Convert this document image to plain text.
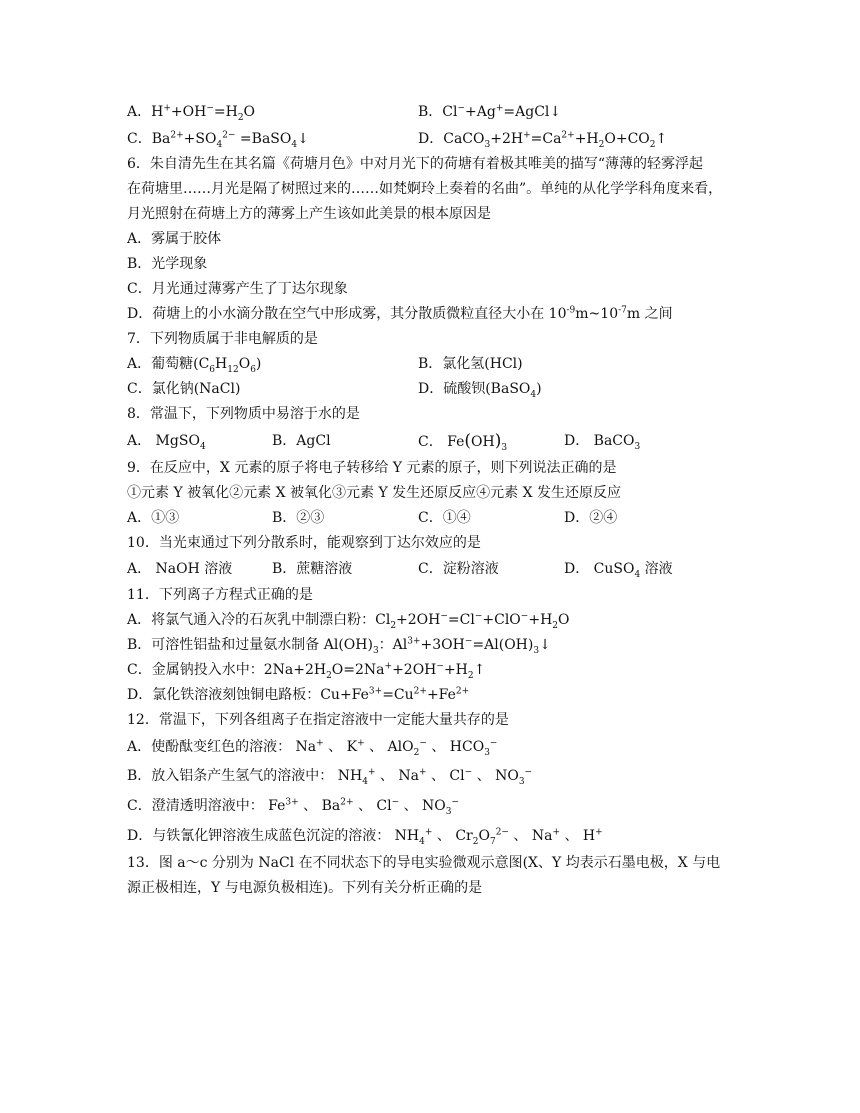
A．$H^++OH^-=H_2O$	B．Cl−+Ag+=AgCl↓
C．$Ba^{2+}+SO_4^{2-}$ =BaSO$_4$↓	D．$CaCO_3+2H^+=Ca^{2+}+H_2O+CO_2↑$
6．朱自清先生在其名篇《荷塘月色》中对月光下的荷塘有着极其唯美的描写“薄薄的轻雾浮起
在荷塘里……月光是隔了树照过来的……如梵婀玲上奏着的名曲”。单纯的从化学学科角度来看，
月光照射在荷塘上方的薄雾上产生该如此美景的根本原因是
A．雾属于胶体
B．光学现象
C．月光通过薄雾产生了丁达尔现象
D．荷塘上的小水滴分散在空气中形成雾，其分散质微粒直径大小在 $10^{-9}m\sim 10^{-7}m$ 之间
7．下列物质属于非电解质的是
A．葡萄糖$(C_6H_{12}O_6)$	B．氯化氢(HCl)
C．氯化钠(NaCl)	D．硫酸钡(BaSO$_4$)
8．常温下，下列物质中易溶于水的是
A． MgSO$_4$	B．AgCl	C． $Fe(OH)_3$	D． BaCO$_3$
9．在反应中，X 元素的原子将电子转移给 Y 元素的原子，则下列说法正确的是
①元素 Y 被氧化②元素 X 被氧化③元素 Y 发生还原反应④元素 X 发生还原反应
A．①③	B．②③	C．①④	D．②④
10．当光束通过下列分散系时，能观察到丁达尔效应的是
A． NaOH 溶液	B．蔗糖溶液	C．淀粉溶液	D． CuSO$_4$ 溶液
11．下列离子方程式正确的是
A．将氯气通入冷的石灰乳中制漂白粉：$Cl_2+2OH^-=Cl^-+ClO^-+H_2O$
B．可溶性铝盐和过量氨水制备 $Al(OH)_3$：$Al^{3+}+3OH^-=Al(OH)_3↓$
C．金属钠投入水中：$2Na+2H_2O=2Na^++2OH^-+H_2↑$
D．氯化铁溶液刻蚀铜电路板：$Cu+Fe^{3+}=Cu^{2+}+Fe^{2+}$
12．常温下，下列各组离子在指定溶液中一定能大量共存的是
A．使酚酞变红色的溶液： Na+ 、 K+ 、 AlO$_2$− 、 $HCO_3^-$
B．放入铝条产生氢气的溶液中： $NH_4^+$ 、 Na+ 、 Cl− 、 $NO_3^-$
C．澄清透明溶液中： $Fe^{3+}$ 、 $Ba^{2+}$ 、 Cl− 、 $NO_3^-$
D．与铁氰化钾溶液生成蓝色沉淀的溶液： $NH_4^+$ 、 $Cr_2O_7^{2-}$ 、 Na+ 、 H+
13．图 a～c 分别为 NaCl 在不同状态下的导电实验微观示意图(X、Y 均表示石墨电极，X 与电
源正极相连，Y 与电源负极相连)。下列有关分析正确的是
